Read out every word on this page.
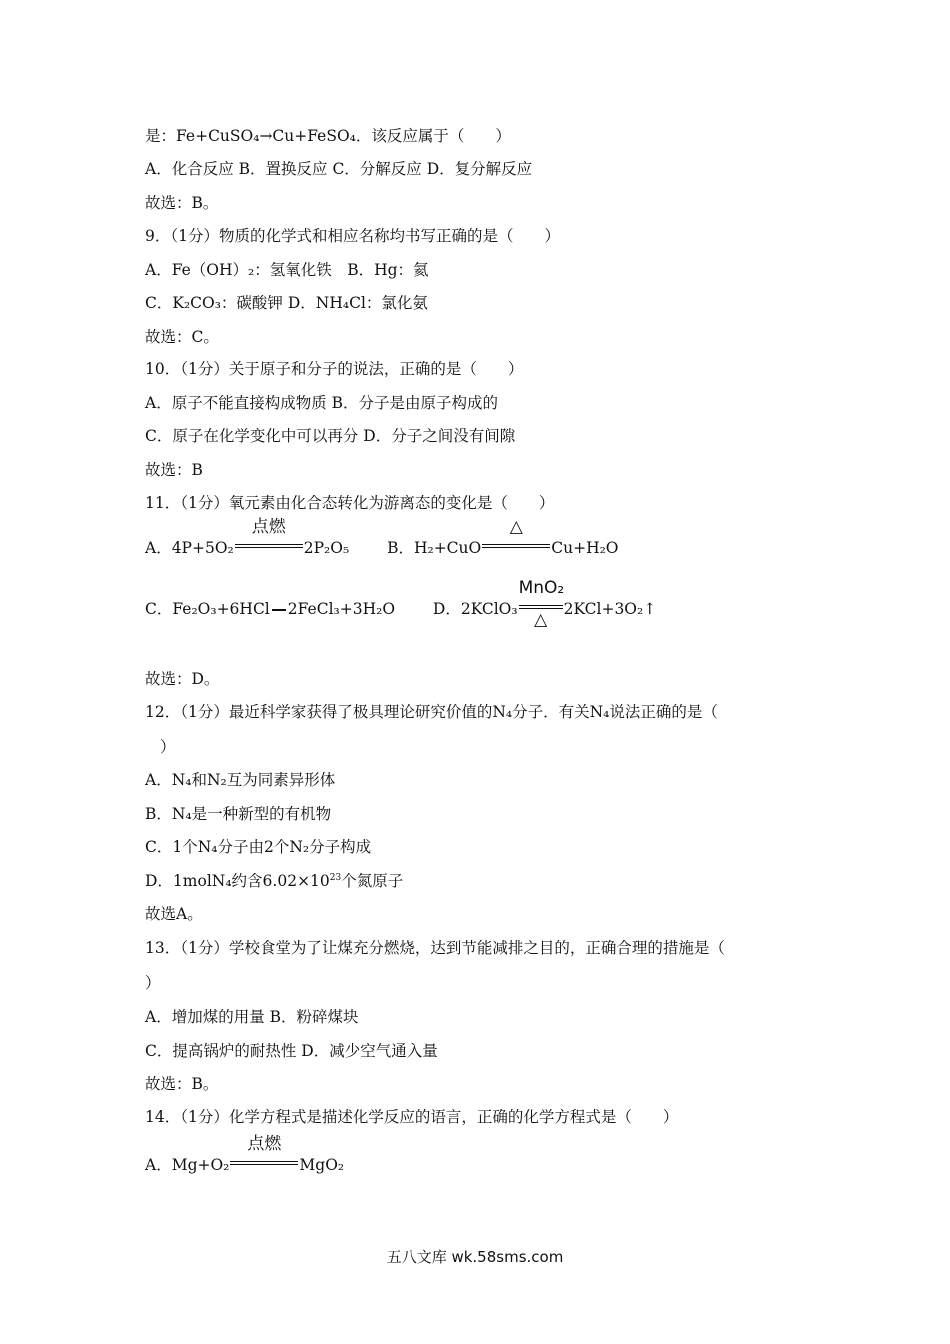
是：Fe+CuSO₄→Cu+FeSO₄．该反应属于（　　）
A．化合反应 B．置换反应 C．分解反应 D．复分解反应
故选：B。
9．（1分）物质的化学式和相应名称均书写正确的是（　　）
A．Fe（OH）₂：氢氧化铁　B．Hg：氦
C．K₂CO₃：碳酸钾 D．NH₄Cl：氯化氨
故选：C。
10．（1分）关于原子和分子的说法，正确的是（　　）
A．原子不能直接构成物质 B．分子是由原子构成的
C．原子在化学变化中可以再分 D．分子之间没有间隙
故选：B
11．（1分）氧元素由化合态转化为游离态的变化是（　　）
A．4P+5O₂
点燃
2P₂O₅ B．H₂+CuO
△
Cu+H₂O
C．Fe₂O₃+6HCl 2FeCl₃+3H₂O D．2KClO₃
MnO₂
△
2KCl+3O₂↑
故选：D。
12．（1分）最近科学家获得了极具理论研究价值的N₄分子．有关N₄说法正确的是（
）
A．N₄和N₂互为同素异形体
B．N₄是一种新型的有机物
C．1个N₄分子由2个N₂分子构成
D．1molN₄约含$6.02\times 10^{23}$个氮原子
故选A。
13．（1分）学校食堂为了让煤充分燃烧，达到节能减排之目的，正确合理的措施是（
）
A．增加煤的用量 B．粉碎煤块
C．提高锅炉的耐热性 D．减少空气通入量
故选：B。
14．（1分）化学方程式是描述化学反应的语言，正确的化学方程式是（　　）
A．Mg+O₂
点燃
MgO₂
五八文库 wk.58sms.com
